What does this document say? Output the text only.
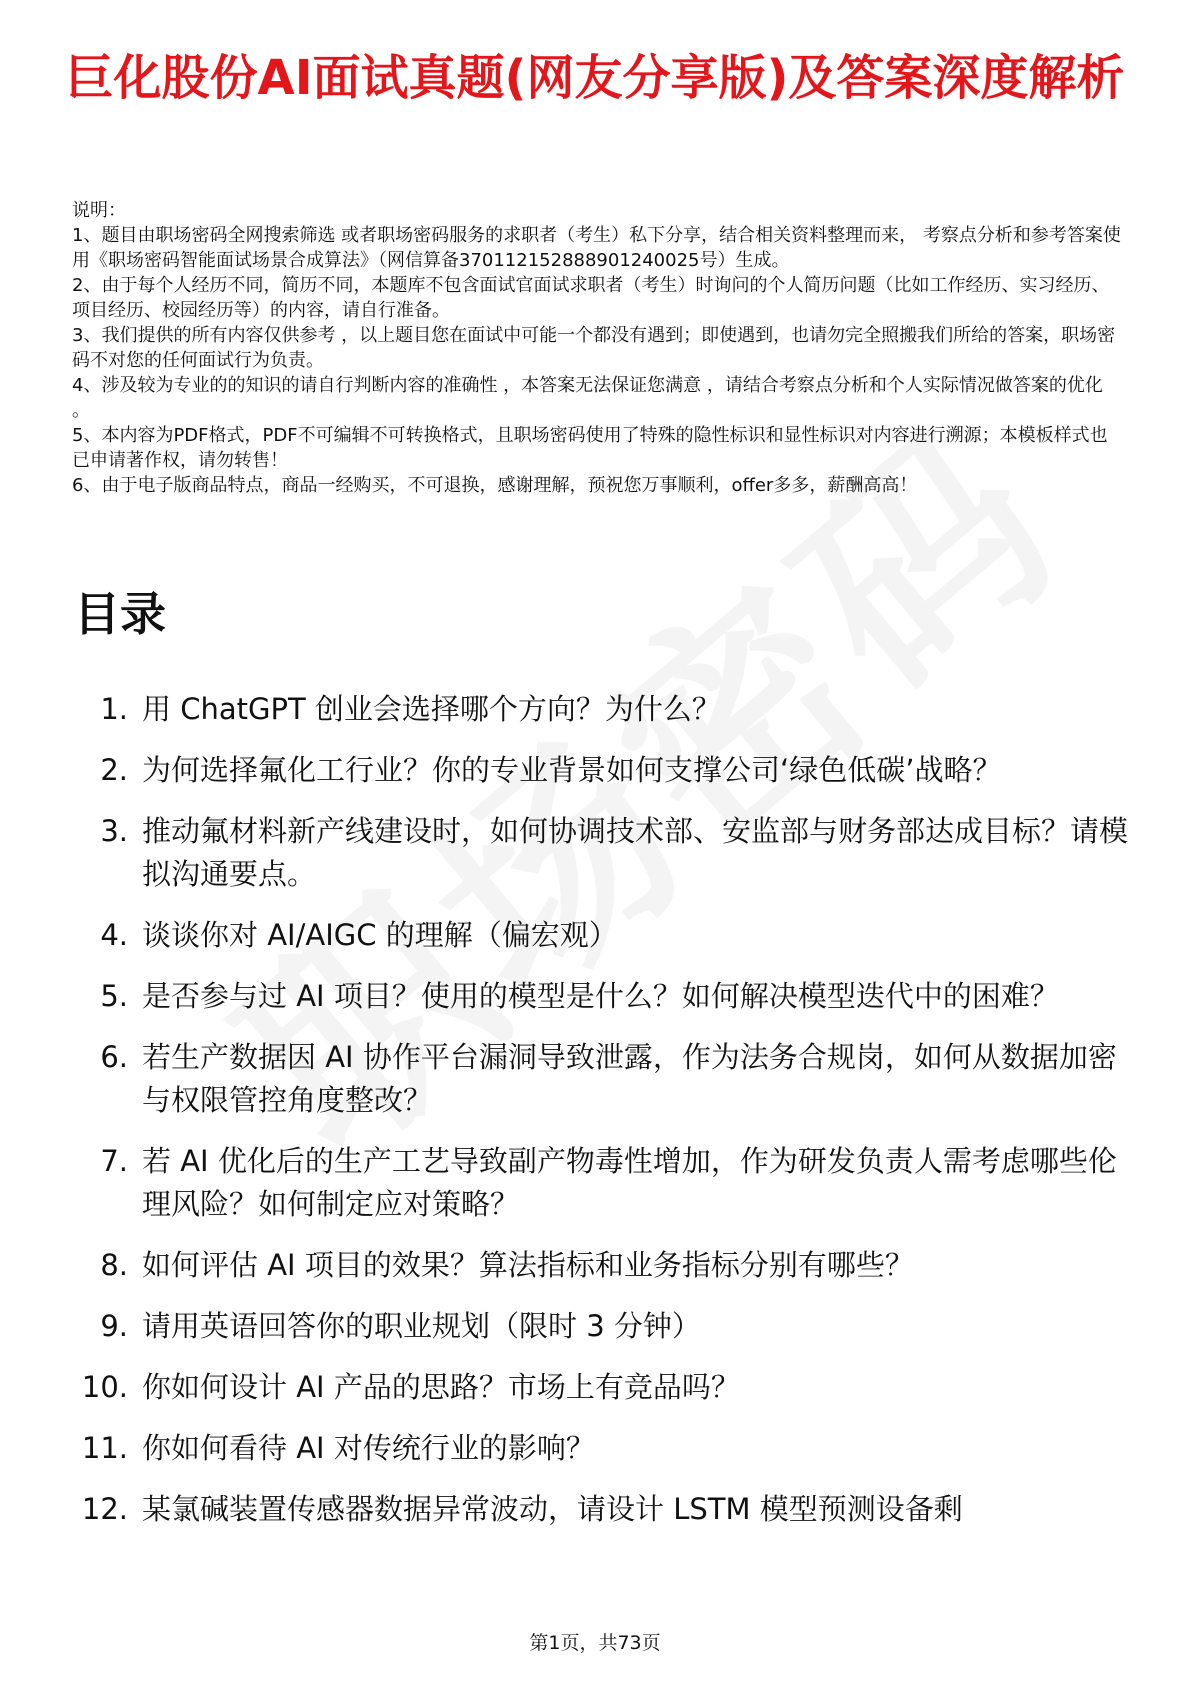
巨化股份AI面试真题(网友分享版)及答案深度解析

说明：

1、题目由职场密码全网搜索筛选 或者职场密码服务的求职者（考生）私下分享，结合相关资料整理而来， 考察点分析和参考答案使用《职场密码智能面试场景合成算法》（网信算备370112152888901240025号）生成。

2、由于每个人经历不同，简历不同，本题库不包含面试官面试求职者（考生）时询问的个人简历问题（比如工作经历、实习经历、项目经历、校园经历等）的内容，请自行准备。

3、我们提供的所有内容仅供参考 ，以上题目您在面试中可能一个都没有遇到；即使遇到，也请勿完全照搬我们所给的答案，职场密码不对您的任何面试行为负责。

4、涉及较为专业的的知识的请自行判断内容的准确性 ，本答案无法保证您满意 ，请结合考察点分析和个人实际情况做答案的优化 。

5、本内容为PDF格式，PDF不可编辑不可转换格式，且职场密码使用了特殊的隐性标识和显性标识对内容进行溯源；本模板样式也已申请著作权，请勿转售！

6、由于电子版商品特点，商品一经购买，不可退换，感谢理解，预祝您万事顺利，offer多多，薪酬高高！

目录
1. 用 ChatGPT 创业会选择哪个方向？为什么？
2. 为何选择氟化工行业？你的专业背景如何支撑公司‘绿色低碳’战略？
3. 推动氟材料新产线建设时，如何协调技术部、安监部与财务部达成目标？请模拟沟通要点。
4. 谈谈你对 AI/AIGC 的理解（偏宏观）
5. 是否参与过 AI 项目？使用的模型是什么？如何解决模型迭代中的困难？
6. 若生产数据因 AI 协作平台漏洞导致泄露，作为法务合规岗，如何从数据加密与权限管控角度整改？
7. 若 AI 优化后的生产工艺导致副产物毒性增加，作为研发负责人需考虑哪些伦理风险？如何制定应对策略？
8. 如何评估 AI 项目的效果？算法指标和业务指标分别有哪些？
9. 请用英语回答你的职业规划（限时 3 分钟）
10. 你如何设计 AI 产品的思路？市场上有竞品吗？
11. 你如何看待 AI 对传统行业的影响？
12. 某氯碱装置传感器数据异常波动，请设计 LSTM 模型预测设备剩
第1页，共73页
